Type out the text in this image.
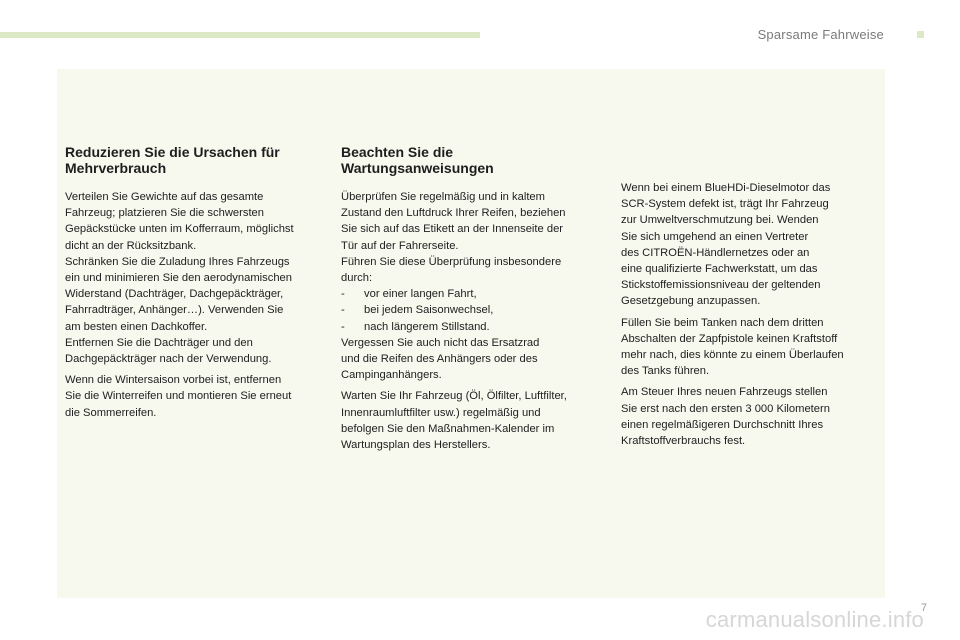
Sparsame Fahrweise
Reduzieren Sie die Ursachen für
Mehrverbrauch
Verteilen Sie Gewichte auf das gesamte
Fahrzeug; platzieren Sie die schwersten
Gepäckstücke unten im Kofferraum, möglichst
dicht an der Rücksitzbank.
Schränken Sie die Zuladung Ihres Fahrzeugs
ein und minimieren Sie den aerodynamischen
Widerstand (Dachträger, Dachgepäckträger,
Fahrradträger, Anhänger…). Verwenden Sie
am besten einen Dachkoffer.
Entfernen Sie die Dachträger und den
Dachgepäckträger nach der Verwendung.
Wenn die Wintersaison vorbei ist, entfernen
Sie die Winterreifen und montieren Sie erneut
die Sommerreifen.
Beachten Sie die
Wartungsanweisungen
Überprüfen Sie regelmäßig und in kaltem
Zustand den Luftdruck Ihrer Reifen, beziehen
Sie sich auf das Etikett an der Innenseite der
Tür auf der Fahrerseite.
Führen Sie diese Überprüfung insbesondere
durch:
- vor einer langen Fahrt,
- bei jedem Saisonwechsel,
- nach längerem Stillstand.
Vergessen Sie auch nicht das Ersatzrad
und die Reifen des Anhängers oder des
Campinganhängers.
Warten Sie Ihr Fahrzeug (Öl, Ölfilter, Luftfilter,
Innenraumluftfilter usw.) regelmäßig und
befolgen Sie den Maßnahmen-Kalender im
Wartungsplan des Herstellers.
Wenn bei einem BlueHDi-Dieselmotor das
SCR-System defekt ist, trägt Ihr Fahrzeug
zur Umweltverschmutzung bei. Wenden
Sie sich umgehend an einen Vertreter
des CITROËN-Händlernetzes oder an
eine qualifizierte Fachwerkstatt, um das
Stickstoffemissionsniveau der geltenden
Gesetzgebung anzupassen.
Füllen Sie beim Tanken nach dem dritten
Abschalten der Zapfpistole keinen Kraftstoff
mehr nach, dies könnte zu einem Überlaufen
des Tanks führen.
Am Steuer Ihres neuen Fahrzeugs stellen
Sie erst nach den ersten 3 000 Kilometern
einen regelmäßigeren Durchschnitt Ihres
Kraftstoffverbrauchs fest.
carmanualsonline.info
7
